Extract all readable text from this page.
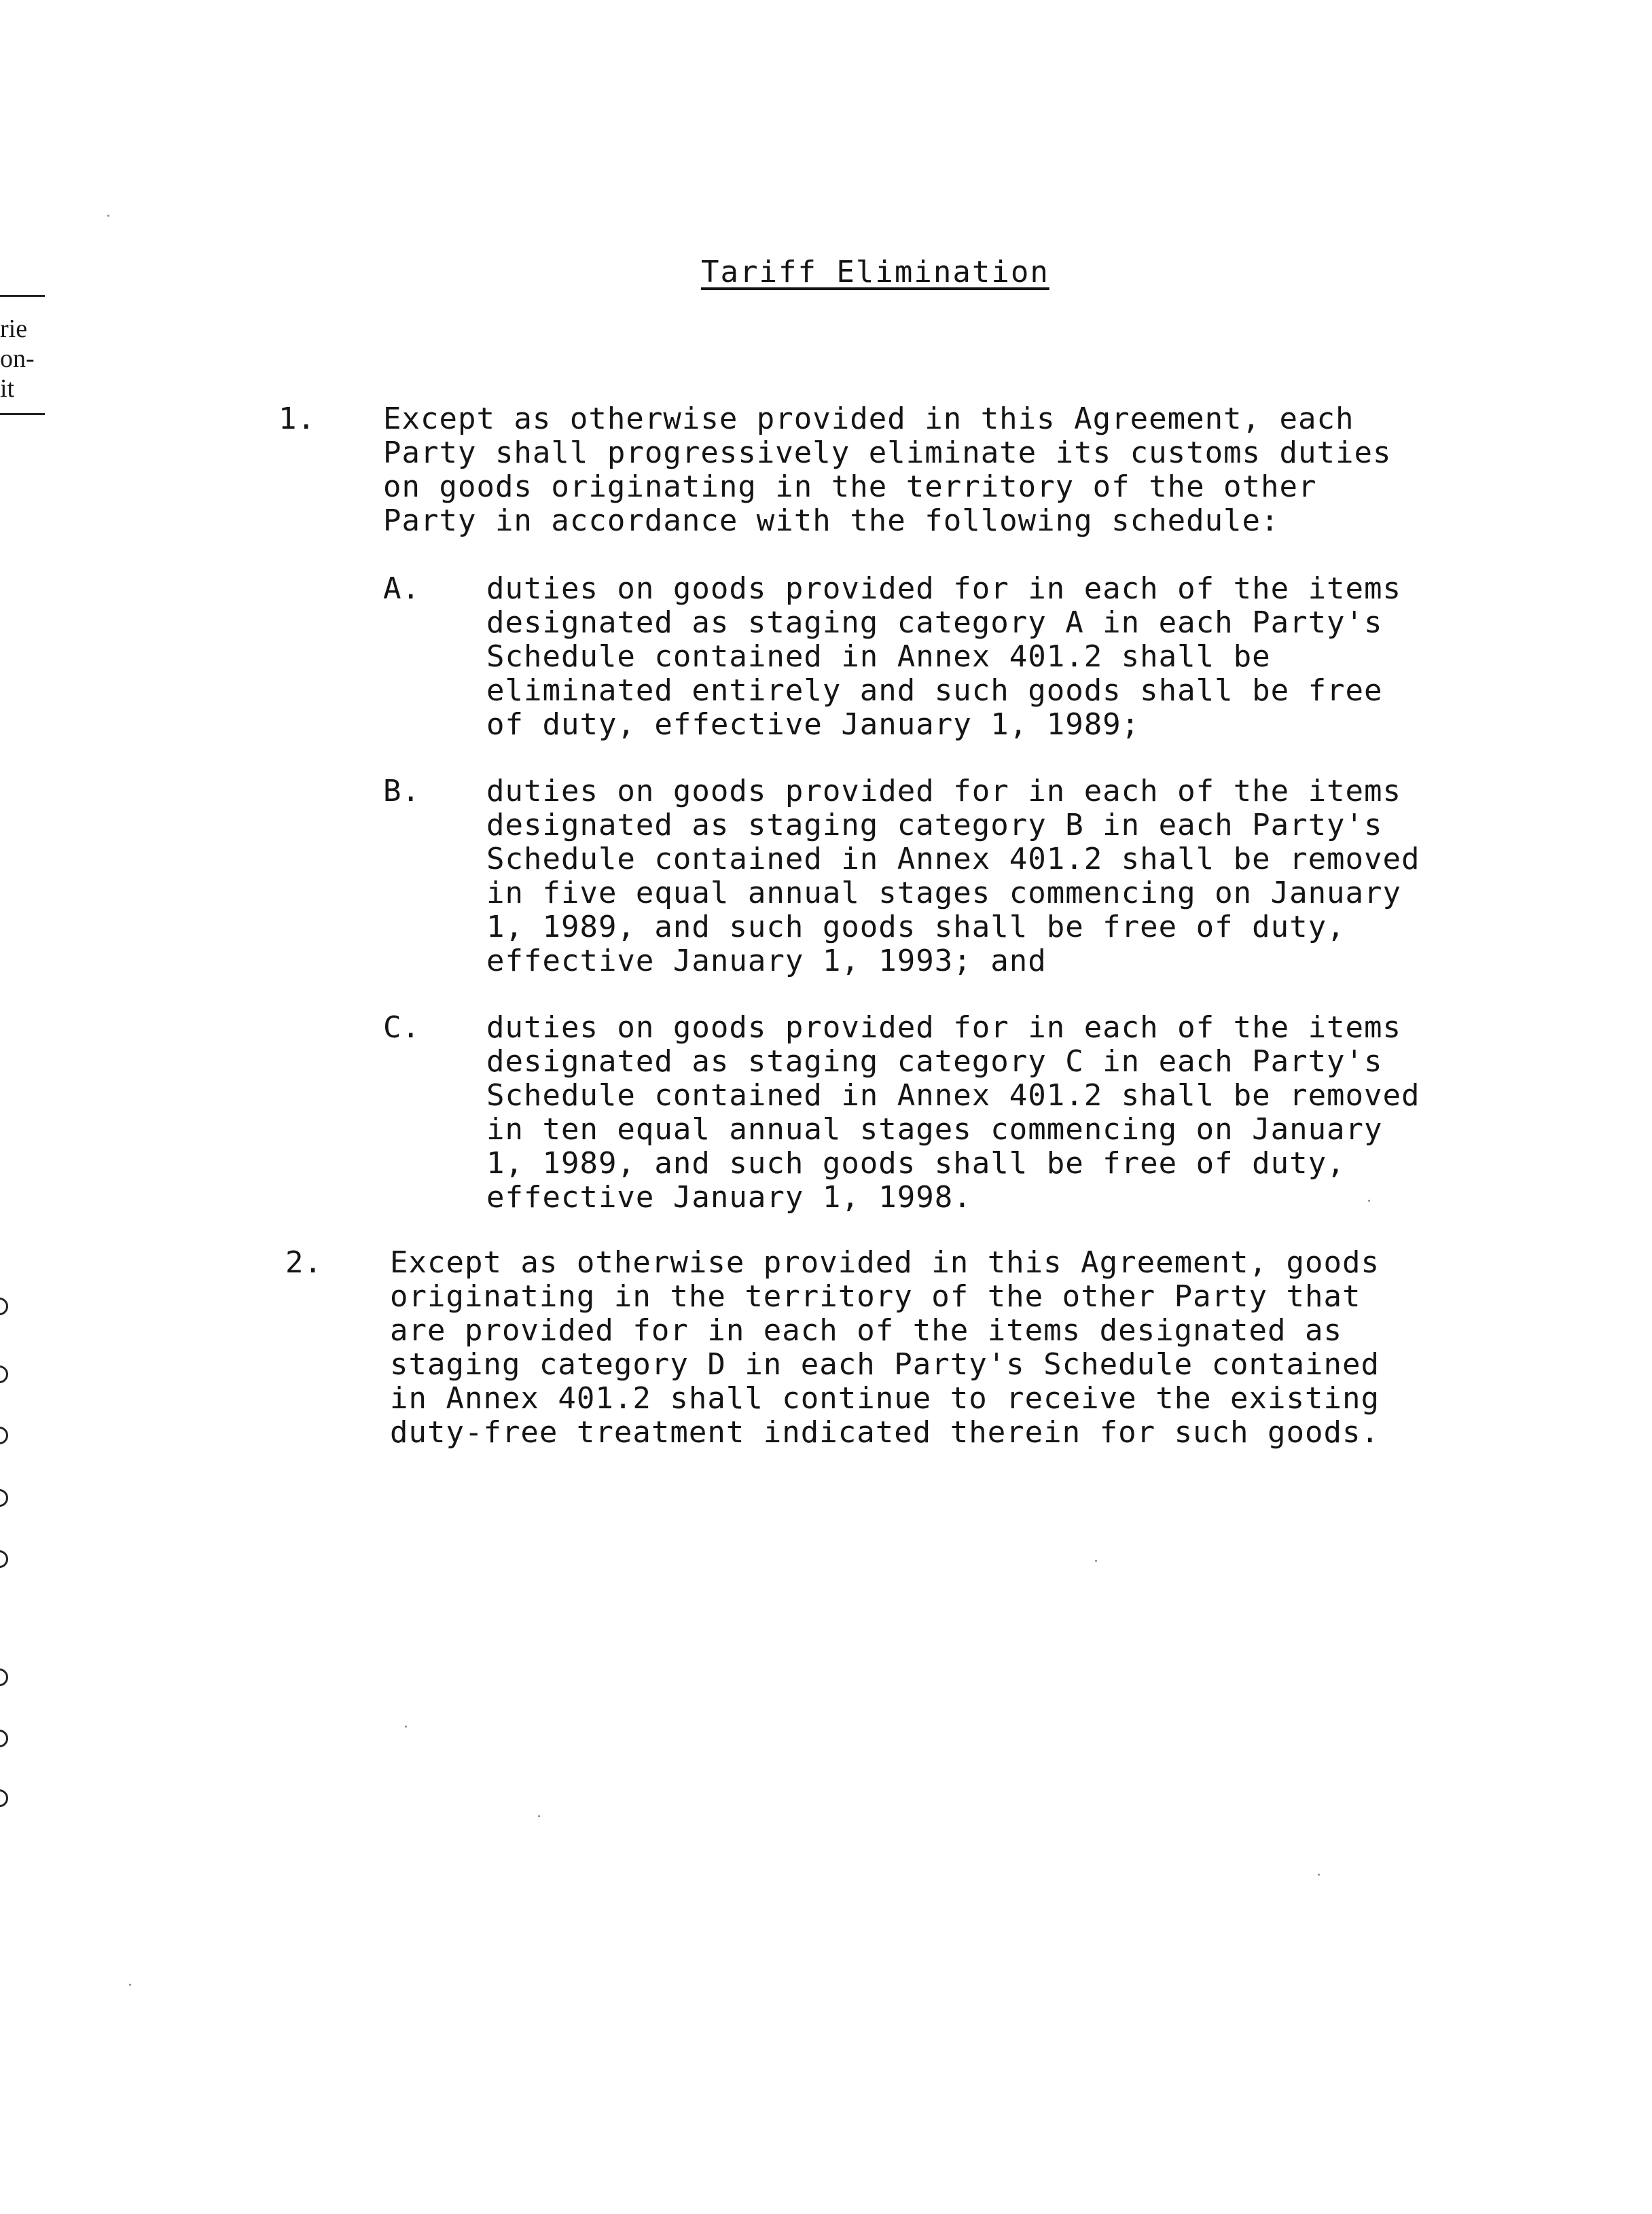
rie
on-
it
Tariff Elimination
1. Except as otherwise provided in this Agreement, each
Party shall progressively eliminate its customs duties
on goods originating in the territory of the other
Party in accordance with the following schedule:

A. duties on goods provided for in each of the items
designated as staging category A in each Party's
Schedule contained in Annex 401.2 shall be
eliminated entirely and such goods shall be free
of duty, effective January 1, 1989;

B. duties on goods provided for in each of the items
designated as staging category B in each Party's
Schedule contained in Annex 401.2 shall be removed
in five equal annual stages commencing on January
1, 1989, and such goods shall be free of duty,
effective January 1, 1993; and

C. duties on goods provided for in each of the items
designated as staging category C in each Party's
Schedule contained in Annex 401.2 shall be removed
in ten equal annual stages commencing on January
1, 1989, and such goods shall be free of duty,
effective January 1, 1998.

2. Except as otherwise provided in this Agreement, goods
originating in the territory of the other Party that
are provided for in each of the items designated as
staging category D in each Party's Schedule contained
in Annex 401.2 shall continue to receive the existing
duty-free treatment indicated therein for such goods.
